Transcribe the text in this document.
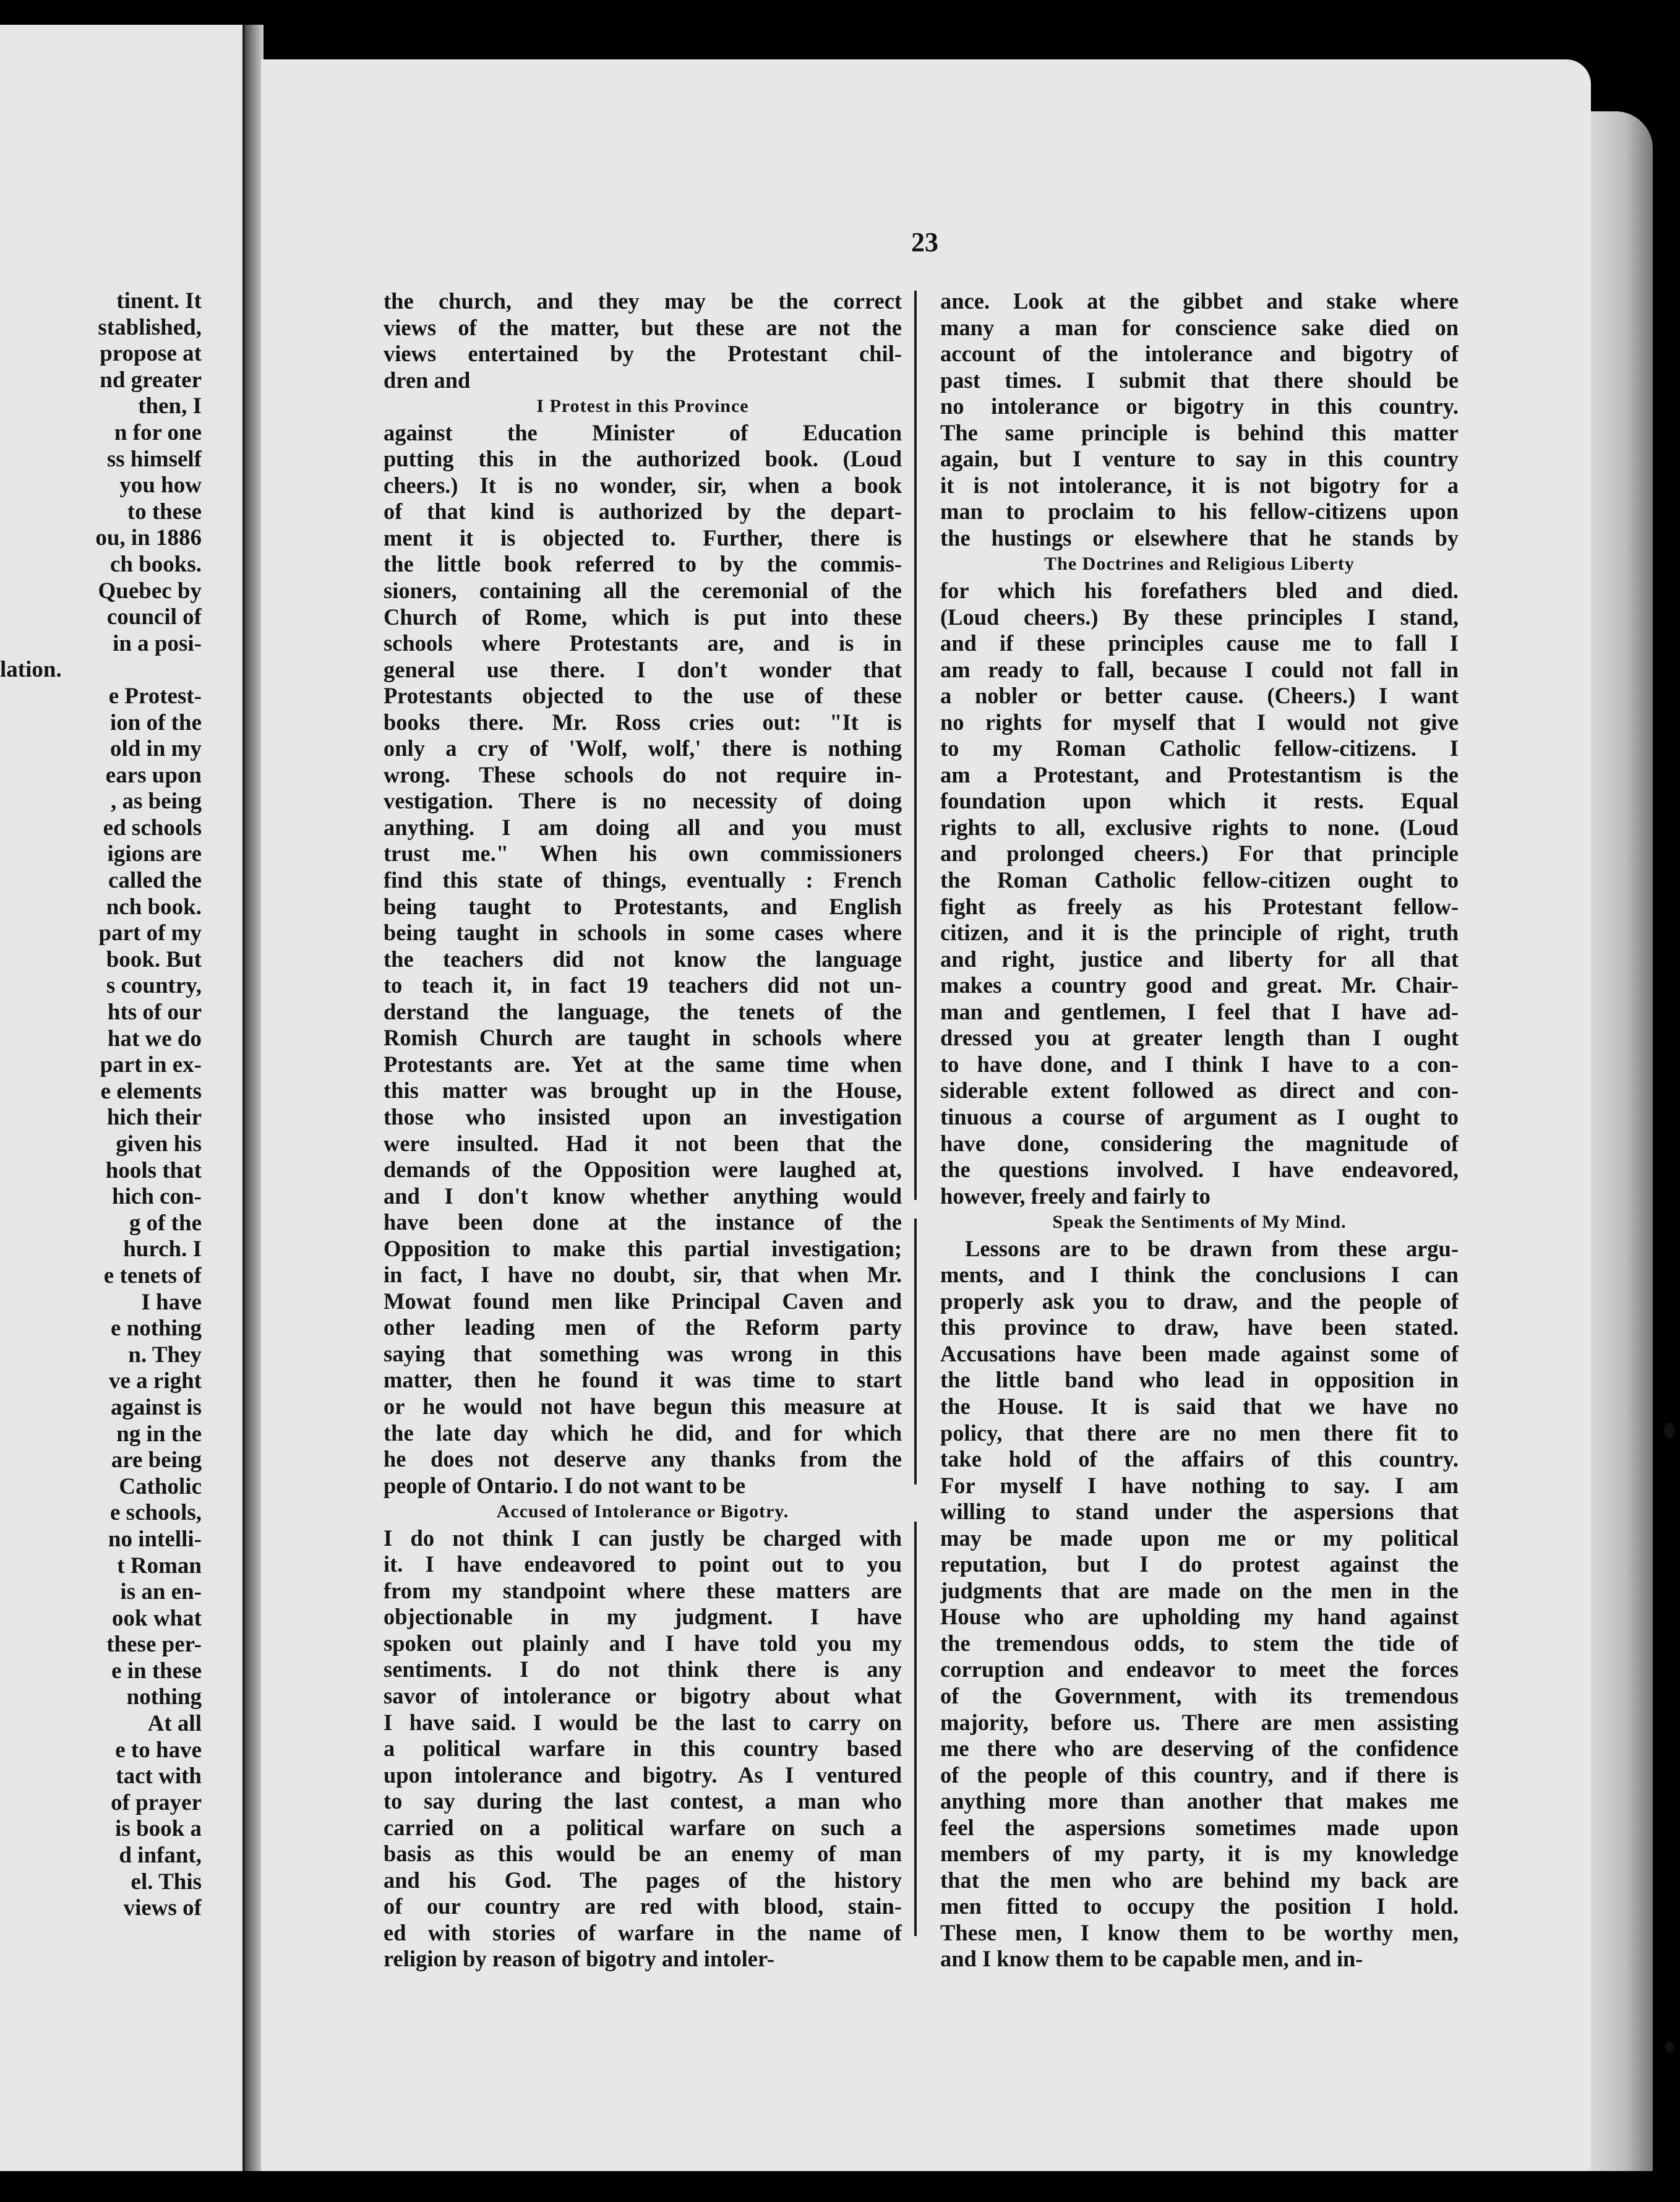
tinent. It
stablished,
propose at
nd greater
then, I
n for one
ss himself
you how
to these
ou, in 1886
ch books.
Quebec by
council of
in a posi-
lation.
e Protest-
ion of the
old in my
ears upon
, as being
ed schools
igions are
called the
nch book.
part of my
book. But
s country,
hts of our
hat we do
part in ex-
e elements
hich their
given his
hools that
hich con-
g of the
hurch. I
e tenets of
I have
e nothing
n. They
ve a right
against is
ng in the
are being
Catholic
e schools,
no intelli-
t Roman
is an en-
ook what
these per-
e in these
nothing
At all
e to have
tact with
of prayer
is book a
d infant,
el. This
views of
23
the church, and they may be the correct
views of the matter, but these are not the
views entertained by the Protestant chil-
dren and
I Protest in this Province
against the Minister of Education
putting this in the authorized book. (Loud
cheers.) It is no wonder, sir, when a book
of that kind is authorized by the depart-
ment it is objected to. Further, there is
the little book referred to by the commis-
sioners, containing all the ceremonial of the
Church of Rome, which is put into these
schools where Protestants are, and is in
general use there. I don't wonder that
Protestants objected to the use of these
books there. Mr. Ross cries out: "It is
only a cry of 'Wolf, wolf,' there is nothing
wrong. These schools do not require in-
vestigation. There is no necessity of doing
anything. I am doing all and you must
trust me." When his own commissioners
find this state of things, eventually : French
being taught to Protestants, and English
being taught in schools in some cases where
the teachers did not know the language
to teach it, in fact 19 teachers did not un-
derstand the language, the tenets of the
Romish Church are taught in schools where
Protestants are. Yet at the same time when
this matter was brought up in the House,
those who insisted upon an investigation
were insulted. Had it not been that the
demands of the Opposition were laughed at,
and I don't know whether anything would
have been done at the instance of the
Opposition to make this partial investigation;
in fact, I have no doubt, sir, that when Mr.
Mowat found men like Principal Caven and
other leading men of the Reform party
saying that something was wrong in this
matter, then he found it was time to start
or he would not have begun this measure at
the late day which he did, and for which
he does not deserve any thanks from the
people of Ontario. I do not want to be
Accused of Intolerance or Bigotry.
I do not think I can justly be charged with
it. I have endeavored to point out to you
from my standpoint where these matters are
objectionable in my judgment. I have
spoken out plainly and I have told you my
sentiments. I do not think there is any
savor of intolerance or bigotry about what
I have said. I would be the last to carry on
a political warfare in this country based
upon intolerance and bigotry. As I ventured
to say during the last contest, a man who
carried on a political warfare on such a
basis as this would be an enemy of man
and his God. The pages of the history
of our country are red with blood, stain-
ed with stories of warfare in the name of
religion by reason of bigotry and intoler-
ance. Look at the gibbet and stake where
many a man for conscience sake died on
account of the intolerance and bigotry of
past times. I submit that there should be
no intolerance or bigotry in this country.
The same principle is behind this matter
again, but I venture to say in this country
it is not intolerance, it is not bigotry for a
man to proclaim to his fellow-citizens upon
the hustings or elsewhere that he stands by
The Doctrines and Religious Liberty
for which his forefathers bled and died.
(Loud cheers.) By these principles I stand,
and if these principles cause me to fall I
am ready to fall, because I could not fall in
a nobler or better cause. (Cheers.) I want
no rights for myself that I would not give
to my Roman Catholic fellow-citizens. I
am a Protestant, and Protestantism is the
foundation upon which it rests. Equal
rights to all, exclusive rights to none. (Loud
and prolonged cheers.) For that principle
the Roman Catholic fellow-citizen ought to
fight as freely as his Protestant fellow-
citizen, and it is the principle of right, truth
and right, justice and liberty for all that
makes a country good and great. Mr. Chair-
man and gentlemen, I feel that I have ad-
dressed you at greater length than I ought
to have done, and I think I have to a con-
siderable extent followed as direct and con-
tinuous a course of argument as I ought to
have done, considering the magnitude of
the questions involved. I have endeavored,
however, freely and fairly to
Speak the Sentiments of My Mind.
Lessons are to be drawn from these argu-
ments, and I think the conclusions I can
properly ask you to draw, and the people of
this province to draw, have been stated.
Accusations have been made against some of
the little band who lead in opposition in
the House. It is said that we have no
policy, that there are no men there fit to
take hold of the affairs of this country.
For myself I have nothing to say. I am
willing to stand under the aspersions that
may be made upon me or my political
reputation, but I do protest against the
judgments that are made on the men in the
House who are upholding my hand against
the tremendous odds, to stem the tide of
corruption and endeavor to meet the forces
of the Government, with its tremendous
majority, before us. There are men assisting
me there who are deserving of the confidence
of the people of this country, and if there is
anything more than another that makes me
feel the aspersions sometimes made upon
members of my party, it is my knowledge
that the men who are behind my back are
men fitted to occupy the position I hold.
These men, I know them to be worthy men,
and I know them to be capable men, and in-
